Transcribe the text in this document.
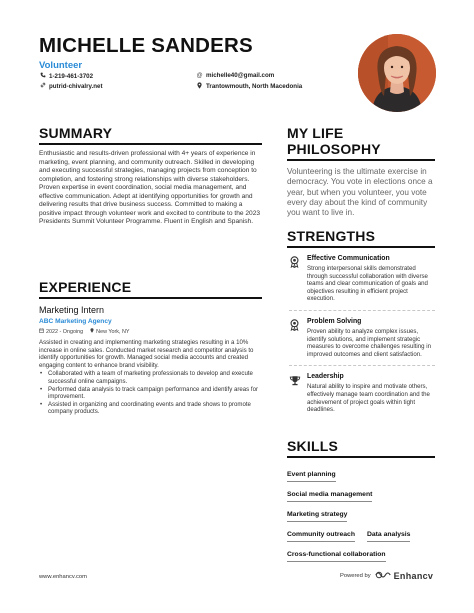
MICHELLE SANDERS
Volunteer
1-219-461-3702
putrid-chivalry.net
@ michelle40@gmail.com
Trantowmouth, North Macedonia
SUMMARY
Enthusiastic and results-driven professional with 4+ years of experience in marketing, event planning, and community outreach. Skilled in developing and executing successful strategies, managing projects from conception to completion, and fostering strong relationships with diverse stakeholders. Proven expertise in event coordination, social media management, and effective communication. Adept at identifying opportunities for growth and delivering results that drive business success. Committed to making a positive impact through volunteer work and excited to contribute to the 2023 Presidents Summit Volunteer Programme. Fluent in English and Spanish.
EXPERIENCE
Marketing Intern
ABC Marketing Agency
2022 - Ongoing New York, NY
Assisted in creating and implementing marketing strategies resulting in a 10% increase in online sales. Conducted market research and competitor analysis to identify opportunities for growth. Managed social media accounts and created engaging content to enhance brand visibility.
• Collaborated with a team of marketing professionals to develop and execute successful online campaigns.
• Performed data analysis to track campaign performance and identify areas for improvement.
• Assisted in organizing and coordinating events and trade shows to promote company products.
MY LIFE PHILOSOPHY
Volunteering is the ultimate exercise in democracy. You vote in elections once a year, but when you volunteer, you vote every day about the kind of community you want to live in.
STRENGTHS
Effective Communication
Strong interpersonal skills demonstrated through successful collaboration with diverse teams and clear communication of goals and objectives resulting in efficient project execution.
Problem Solving
Proven ability to analyze complex issues, identify solutions, and implement strategic measures to overcome challenges resulting in improved outcomes and client satisfaction.
Leadership
Natural ability to inspire and motivate others, effectively manage team coordination and the achievement of project goals within tight deadlines.
SKILLS
Event planning
Social media management
Marketing strategy
Community outreach Data analysis
Cross-functional collaboration
www.enhancv.com	Powered by	Enhancv
